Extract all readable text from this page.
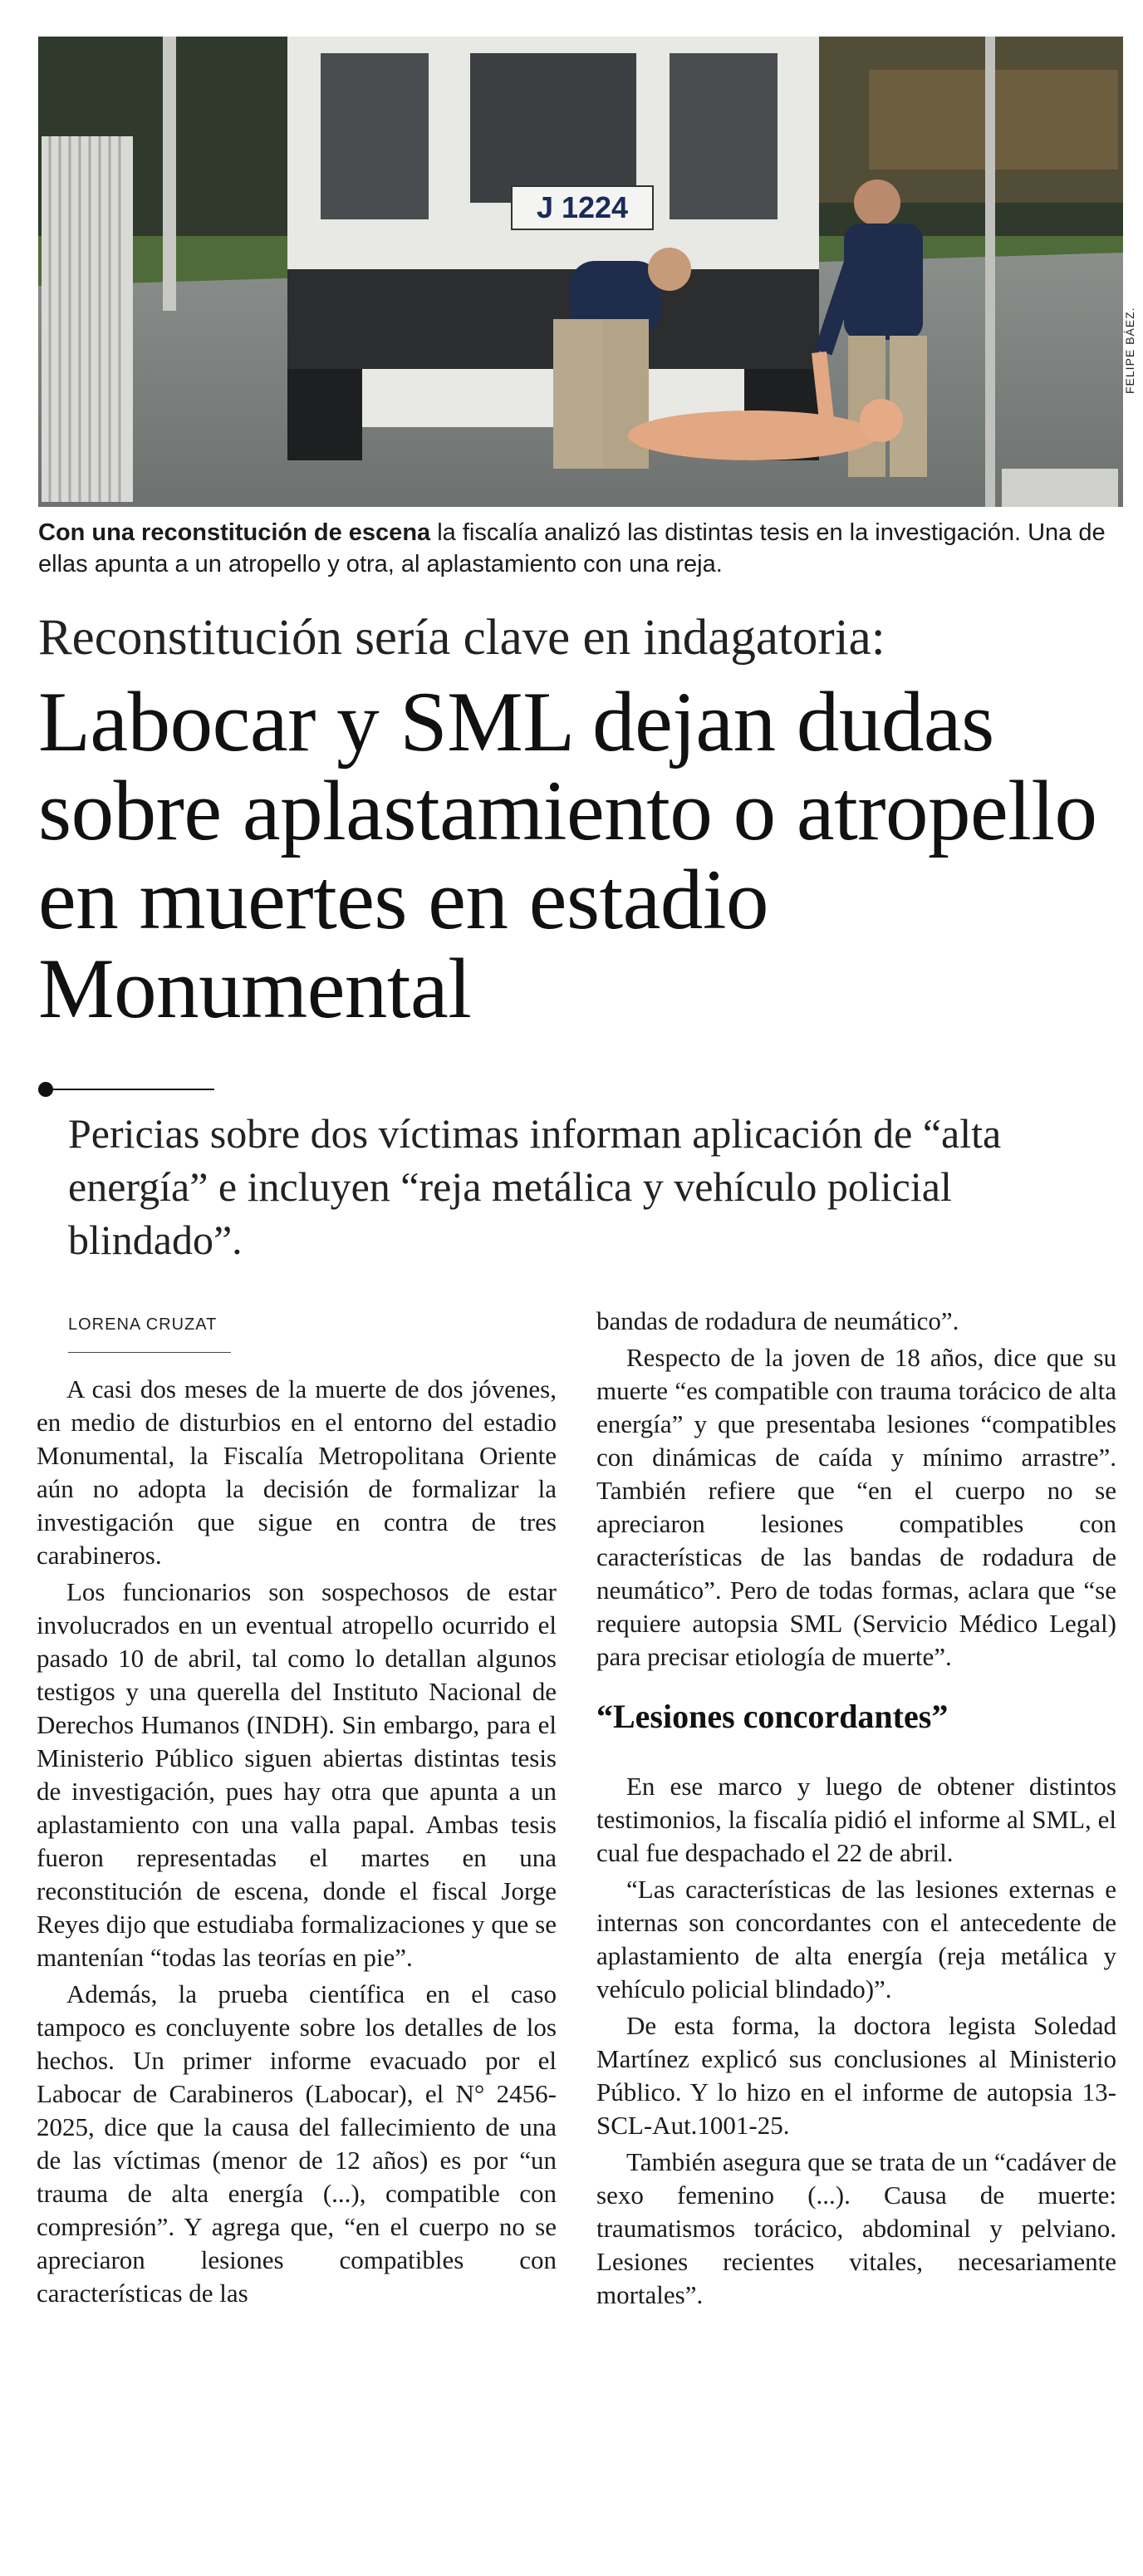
J 1224
FELIPE BÁEZ.
Con una reconstitución de escena la fiscalía analizó las distintas tesis en la investigación. Una de ellas apunta a un atropello y otra, al aplastamiento con una reja.
Reconstitución sería clave en indagatoria:
Labocar y SML dejan dudas sobre aplastamiento o atropello en muertes en estadio Monumental
Pericias sobre dos víctimas informan aplicación de “alta energía” e incluyen “reja metálica y vehículo policial blindado”.
LORENA CRUZAT

A casi dos meses de la muerte de dos jóvenes, en medio de disturbios en el entorno del estadio Monumental, la Fiscalía Metropolitana Oriente aún no adopta la decisión de formalizar la investigación que sigue en contra de tres carabineros.

Los funcionarios son sospechosos de estar involucrados en un eventual atropello ocurrido el pasado 10 de abril, tal como lo detallan algunos testigos y una querella del Instituto Nacional de Derechos Humanos (INDH). Sin embargo, para el Ministerio Público siguen abiertas distintas tesis de investigación, pues hay otra que apunta a un aplastamiento con una valla papal. Ambas tesis fueron representadas el martes en una reconstitución de escena, donde el fiscal Jorge Reyes dijo que estudiaba formalizaciones y que se mantenían “todas las teorías en pie”.

Además, la prueba científica en el caso tampoco es concluyente sobre los detalles de los hechos. Un primer informe evacuado por el Labocar de Carabineros (Labocar), el N° 2456-2025, dice que la causa del fallecimiento de una de las víctimas (menor de 12 años) es por “un trauma de alta energía (...), compatible con compresión”. Y agrega que, “en el cuerpo no se apreciaron lesiones compatibles con características de las

bandas de rodadura de neumático”.

Respecto de la joven de 18 años, dice que su muerte “es compatible con trauma torácico de alta energía” y que presentaba lesiones “compatibles con dinámicas de caída y mínimo arrastre”. También refiere que “en el cuerpo no se apreciaron lesiones compatibles con características de las bandas de rodadura de neumático”. Pero de todas formas, aclara que “se requiere autopsia SML (Servicio Médico Legal) para precisar etiología de muerte”.

“Lesiones concordantes”

En ese marco y luego de obtener distintos testimonios, la fiscalía pidió el informe al SML, el cual fue despachado el 22 de abril.

“Las características de las lesiones externas e internas son concordantes con el antecedente de aplastamiento de alta energía (reja metálica y vehículo policial blindado)”.

De esta forma, la doctora legista Soledad Martínez explicó sus conclusiones al Ministerio Público. Y lo hizo en el informe de autopsia 13-SCL-Aut.1001-25.

También asegura que se trata de un “cadáver de sexo femenino (...). Causa de muerte: traumatismos torácico, abdominal y pelviano. Lesiones recientes vitales, necesariamente mortales”.
